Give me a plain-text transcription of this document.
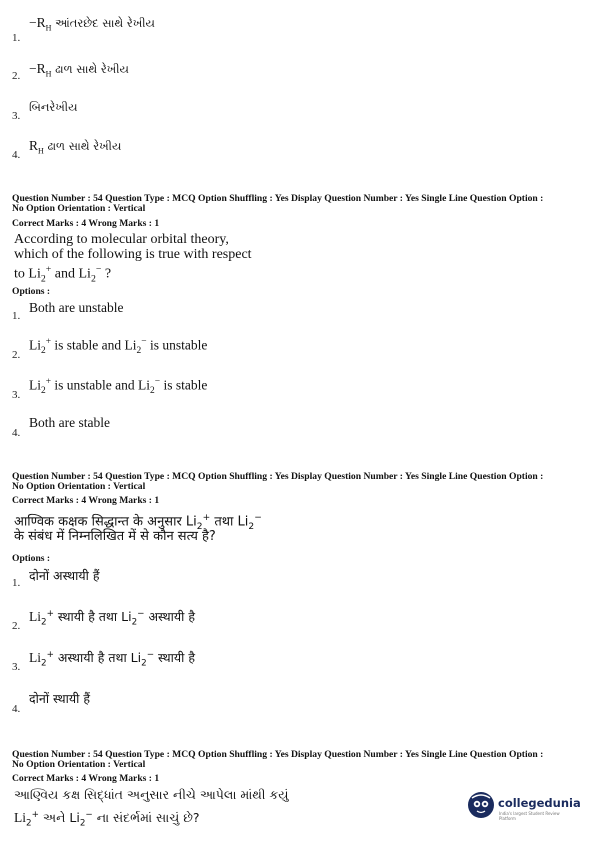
1.
$-R_H$ આંતરછેદ સાથે રેખીય
2. $-R_H$ ઢાળ સાથે રેખીય
3.
બિનરેખીય
4.
$R_H$ ઢાળ સાથે રેખીય
Question Number : 54 Question Type : MCQ Option Shuffling : Yes Display Question Number : Yes Single Line Question Option :
No Option Orientation : Vertical
Correct Marks : 4 Wrong Marks : 1
According to molecular orbital theory,
which of the following is true with respect
to $Li_2^+$ and $Li_2^-$ ?
Options :
1.
Both are unstable
2.
$Li_2^+$ is stable and $Li_2^-$ is unstable
3.
$Li_2^+$ is unstable and $Li_2^-$ is stable
4.
Both are stable
Question Number : 54 Question Type : MCQ Option Shuffling : Yes Display Question Number : Yes Single Line Question Option :
No Option Orientation : Vertical
Correct Marks : 4 Wrong Marks : 1
आण्विक कक्षक सिद्धान्त के अनुसार $Li_2^+$ तथा $Li_2^-$
के संबंध में निम्नलिखित में से कौन सत्य है?
Options :
1. दोनों अस्थायी हैं
2.
$Li_2^+$ स्थायी है तथा $Li_2^-$ अस्थायी है
3.
$Li_2^+$ अस्थायी है तथा $Li_2^-$ स्थायी है
4.
दोनों स्थायी हैं
Question Number : 54 Question Type : MCQ Option Shuffling : Yes Display Question Number : Yes Single Line Question Option :
No Option Orientation : Vertical
Correct Marks : 4 Wrong Marks : 1
આણ્વિય કક્ષ સિદ્ધાંત અનુસાર નીચે આપેલા માંથી કયું
$Li_2^+$ અને $Li_2^-$ ના સંદર્ભમાં સાચું છે?
collegedunia
India's largest Student Review Platform
